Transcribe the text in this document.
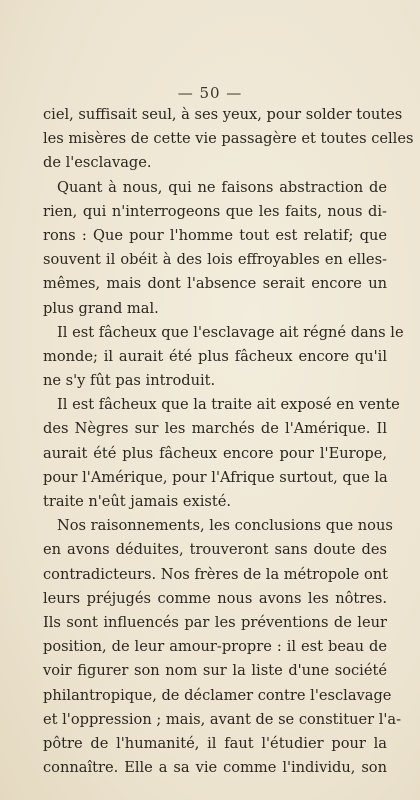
— 50 —
ciel, suffisait seul, à ses yeux, pour solder toutes
les misères de cette vie passagère et toutes celles
de l'esclavage.
Quant à nous, qui ne faisons abstraction de
rien, qui n'interrogeons que les faits, nous di-
rons : Que pour l'homme tout est relatif; que
souvent il obéit à des lois effroyables en elles-
mêmes, mais dont l'absence serait encore un
plus grand mal.
Il est fâcheux que l'esclavage ait régné dans le
monde; il aurait été plus fâcheux encore qu'il
ne s'y fût pas introduit.
Il est fâcheux que la traite ait exposé en vente
des Nègres sur les marchés de l'Amérique. Il
aurait été plus fâcheux encore pour l'Europe,
pour l'Amérique, pour l'Afrique surtout, que la
traite n'eût jamais existé.
Nos raisonnements, les conclusions que nous
en avons déduites, trouveront sans doute des
contradicteurs. Nos frères de la métropole ont
leurs préjugés comme nous avons les nôtres.
Ils sont influencés par les préventions de leur
position, de leur amour-propre : il est beau de
voir figurer son nom sur la liste d'une société
philantropique, de déclamer contre l'esclavage
et l'oppression ; mais, avant de se constituer l'a-
pôtre de l'humanité, il faut l'étudier pour la
connaître. Elle a sa vie comme l'individu, son
